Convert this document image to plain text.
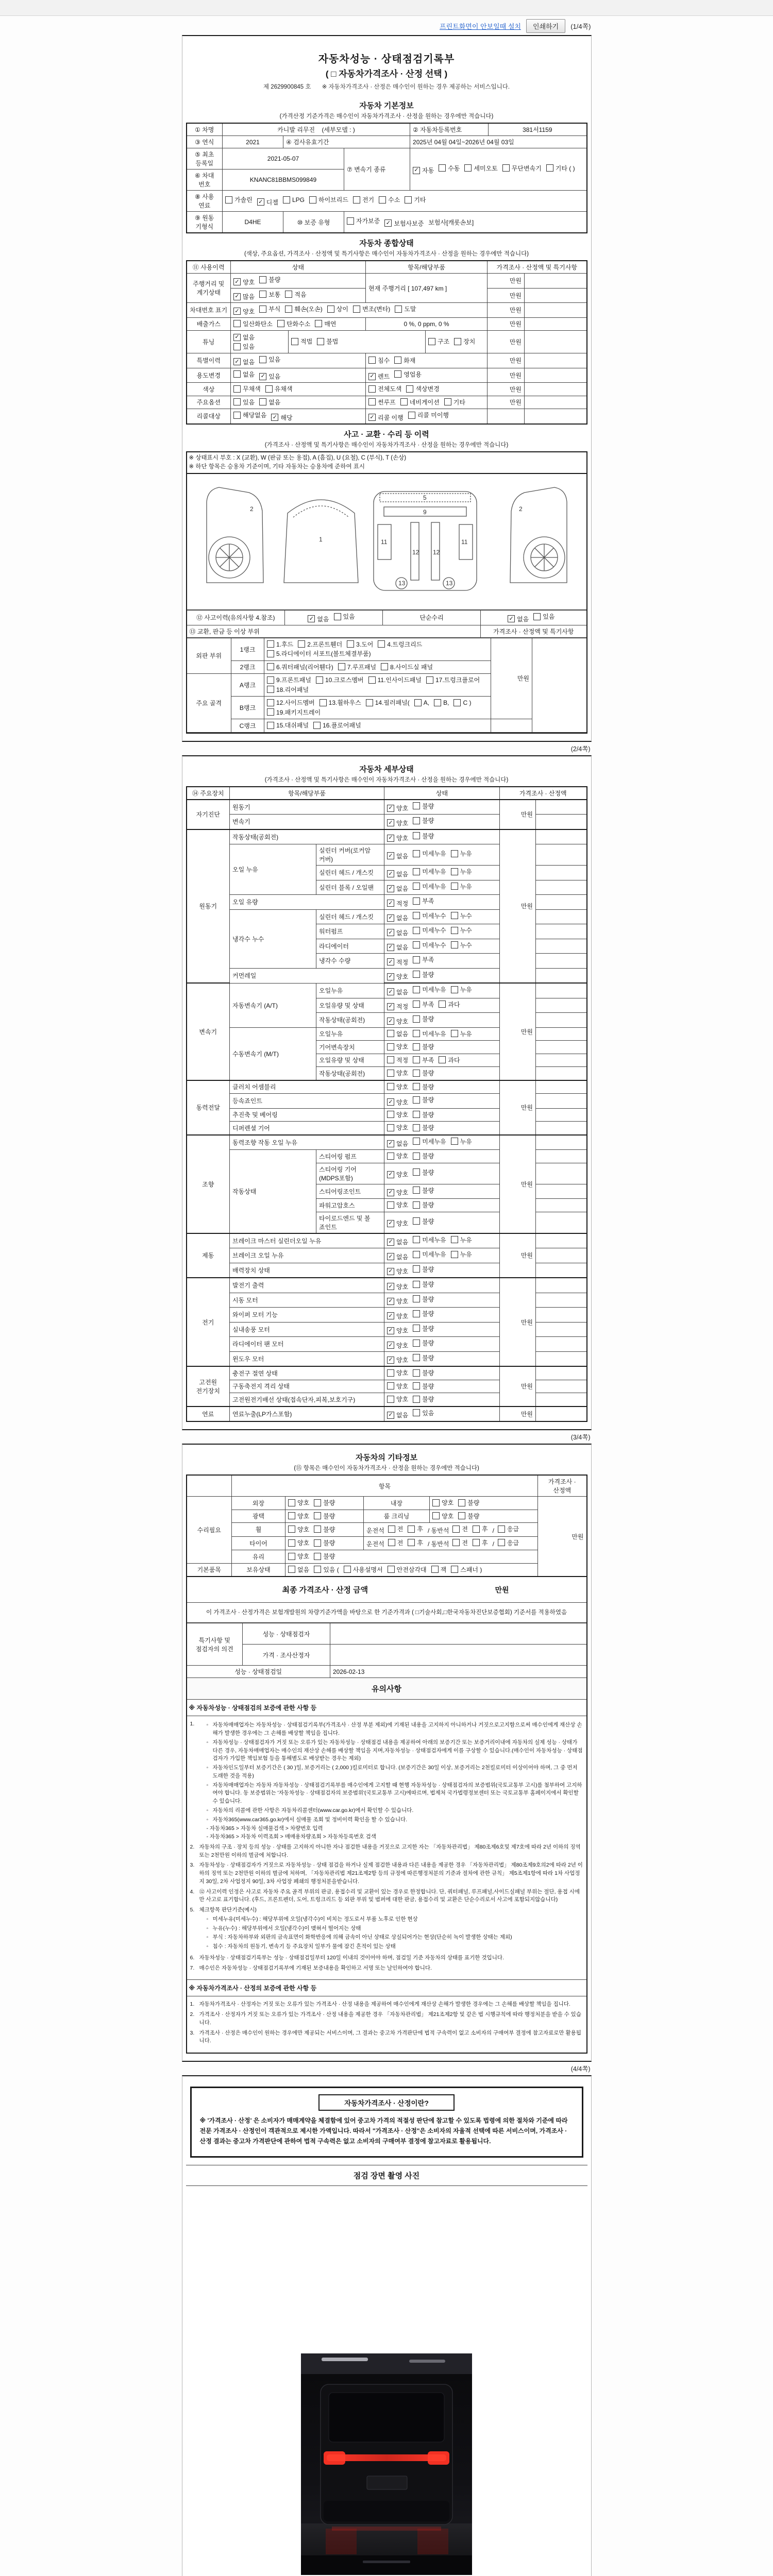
프린트화면이 안보일때 설치	인쇄하기	(1/4쪽)
자동차성능 · 상태점검기록부
( □ 자동차가격조사 · 산정 선택 )
제 2629900845 호 ※ 자동차가격조사 · 산정은 매수인이 원하는 경우 제공하는 서비스입니다.
자동차 기본정보
(가격산정 기준가격은 매수인이 자동차가격조사 · 산정을 원하는 경우에만 적습니다)
① 차명	카니발 리무진 (세부모델 : )			② 자동차등록번호	381서1159
③ 연식	2021	④ 검사유효기간		2025년 04월 04일~2026년 04월 03일	
⑤ 최초 등록일	2021-05-07	⑦ 변속기 종류	✓ 자동 수동 세미오토 무단변속기 기타 ( )

⑥ 차대 번호	KNANC81BBMS099849				
⑧ 사용 연료	
가솔린 ✓ 디젤 LPG 하이브리드 전기 수소 기타

⑨ 원동 기형식	D4HE	⑩ 보증 유형	자가보증 ✓ 보험사보증 보험사[캐롯손보]		
자동차 종합상태
(색상, 주요옵션, 가격조사 · 산정액 및 특기사항은 매수인이 자동차가격조사 · 산정을 원하는 경우에만 적습니다)
⑪ 사용이력	상태		항목/해당부품		가격조사 · 산정액 및 특기사항	
주행거리 및 계기상태	✓ 양호 불량		현재 주행거리 [ 107,497 km ]		만원	

✓ 많음 보통 적음				만원	
차대번호 표기	✓ 양호 부식 훼손(오손) 상이 변조(변타) 도말	만원	
배출가스	일산화탄소 탄화수소 매연		0 %, 0 ppm, 0 %		만원	
튜닝	✓ 없음
있음	적법 불법		구조 장치	만원	
특별이력	✓ 없음 있음		침수 화재		만원	
용도변경	없음 ✓ 있음		✓ 렌트 영업용		만원	
색상	무채색 유채색		전체도색 색상변경		만원	
주요옵션	있음 없음		썬루프 네비게이션 기타		만원	
리콜대상	해당없음 ✓ 해당		✓ 리콜 이행 리콜 미이행			

사고 · 교환 · 수리 등 이력
(가격조사 · 산정액 및 특기사항은 매수인이 자동차가격조사 · 산정을 원하는 경우에만 적습니다)
※ 상태표시 부호 : X (교환), W (판금 또는 용접), A (흠집), U (요철), C (부식), T (손상)
※ 하단 항목은 승용차 기준이며, 기타 자동차는 승용차에 준하여 표시
2
1
5
9
11	11
12 12
13	13
2
⑫ 사고이력(유의사항 4.참조)	✓ 없음 있음	단순수리	✓ 없음 있음

⑬ 교환, 판금 등 이상 부위			가격조사 · 산정액 및 특기사항
외판 부위	1랭크	1.후드 2.프론트휀더 3.도어 4.트렁크리드
5.라디에이터 서포트(볼트체결부품)	만원	
	2랭크	6.쿼터패널(리어휀다) 7.루프패널 8.사이드실 패널		

주요 골격	A랭크	9.프론트패널 10.크로스멤버 11.인사이드패널 17.트렁크플로어
18.리어패널		

B랭크	
12.사이드멤버 13.휠하우스 14.필러패널( A, B, C )
19.패키지트레이

	C랭크	15.대쉬패널 16.플로어패널		

(2/4쪽)
자동차 세부상태
(가격조사 · 산정액 및 특기사항은 매수인이 자동차가격조사 · 산정을 원하는 경우에만 적습니다)
⑭ 주요장치	항목/해당부품		상태	가격조사 · 산정액	
자기진단	원동기		✓ 양호 불량	만원	
	변속기		✓ 양호 불량		

원동기	작동상태(공회전)		✓ 양호 불량	만원	
	오일 누유	실린더 커버(로커암 커버)	✓ 없음 미세누유 누유		

		실린더 헤드 / 개스킷	✓ 없음 미세누유 누유		

		실린더 블록 / 오일팬	✓ 없음 미세누유 누유		

	오일 유량		✓ 적정 부족		

	냉각수 누수	실린더 헤드 / 개스킷	✓ 없음 미세누수 누수		

		워터펌프	✓ 없음 미세누수 누수		

		라디에이터	✓ 없음 미세누수 누수		

		냉각수 수량	✓ 적정 부족		

	커먼레일		✓ 양호 불량		

변속기	자동변속기 (A/T)	오일누유	✓ 없음 미세누유 누유	만원	
		오일유량 및 상태	✓ 적정 부족 과다		

		작동상태(공회전)	✓ 양호 불량		

	수동변속기 (M/T)	오일누유	없음 미세누유 누유		

		기어변속장치	양호 불량		

		오일유량 및 상태	적정 부족 과다		

		작동상태(공회전)	양호 불량		

동력전달	클러치 어셈블리		양호 불량	만원	
	등속죠인트		✓ 양호 불량		

	추진축 및 베어링		양호 불량		

	디퍼렌셜 기어		양호 불량		

조향	동력조향 작동 오일 누유		✓ 없음 미세누유 누유	만원	
	작동상태	스티어링 펌프	양호 불량		

		스티어링 기어(MDPS포함)	✓ 양호 불량		

		스티어링조인트	✓ 양호 불량		

		파워고압호스	양호 불량		

		타이로드엔드 및 볼 죠인트	✓ 양호 불량		

제동	브레이크 마스터 실린더오일 누유		✓ 없음 미세누유 누유	만원	
	브레이크 오일 누유		✓ 없음 미세누유 누유		

	배력장치 상태		✓ 양호 불량		

전기	발전기 출력		✓ 양호 불량	만원	
	시동 모터		✓ 양호 불량		

	와이퍼 모터 기능		✓ 양호 불량		

	실내송풍 모터		✓ 양호 불량		

	라디에이터 팬 모터		✓ 양호 불량		

	윈도우 모터		✓ 양호 불량		

고전원 전기장치	충전구 절연 상태		양호 불량	만원	
	구동축전지 격리 상태		양호 불량		

	고전원전기배선 상태(접속단자,피복,보호기구)		양호 불량		

연료	연료누출(LP가스포함)		✓ 없음 있음	만원	
(3/4쪽)
자동차의 기타정보
(⑮ 항목은 매수인이 자동차가격조사 · 산정을 원하는 경우에만 적습니다)
	항목				가격조사 · 산정액
수리필요	외장	양호 불량	내장	양호 불량	만원
	광택	양호 불량	룸 크리닝	양호 불량	

휠	양호 불량	운전석 전 후 / 동반석 전 후 / 응급

타이어	양호 불량	운전석 전 후 / 동반석 전 후 / 응급

	유리	양호 불량			

기본품목	보유상태	없음 있음 ( 사용설명서 안전삼각대 잭 스패너 )
최종 가격조사 · 산정 금액	만원
이 가격조사 · 산정가격은 보험개발원의 차량기준가액을 바탕으로 한 기준가격과 ( □기술사회,□한국자동차진단보증협회) 기준서를 적용하였음
특기사항 및 점검자의 의견	성능 · 상태점검자	
	가격 · 조사산정자	
성능 · 상태점검일		2026-02-13
유의사항
※ 자동차성능 · 상태점검의 보증에 관한 사항 등
1.	◦ 자동차매매업자는 자동차성능 · 상태점검기록부(가격조사 · 산정 부분 제외)에 기재된 내용을 고지하지 아니하거나 거짓으로고지함으로써 매수인에게 재산상 손해가 발생한 경우에는 그 손해를 배상할 책임을 집니다.
◦ 자동차성능 · 상태점검자가 거짓 또는 오류가 있는 자동차성능 · 상태점검 내용을 제공하여 아래의 보증기간 또는 보증거리이내에 자동차의 실제 성능 · 상태가 다른 경우, 자동차매매업자는 매수인의 재산상 손해를 배상할 책임을 지며,자동차성능 · 상태점검자에게 이를 구상할 수 있습니다.(매수인이 자동차성능 · 상태점검자가 가입한 책임보험 등을 통해별도로 배상받는 경우는 제외)
◦ 자동차인도일부터 보증기간은 ( 30 )일, 보증거리는 ( 2,000 )킬로미터로 합니다. (보증기간은 30일 이상, 보증거리는 2천킬로미터 이상이어야 하며, 그 중 먼저 도래한 것을 적용)
◦ 자동차매매업자는 자동차 자동차성능 · 상태점검기록부를 매수인에게 고지할 때 현행 자동차성능 · 상태점검자의 보증범위(국토교통부 고시)를 첨부하여 고지하여야 합니다. 동 보증범위는 '자동차성능 · 상태점검자의 보증범위'(국토교통부 고시)에따르며, 법제처 국가법령정보센터 또는 국토교통부 홈페이지에서 확인할 수 있습니다.
◦ 자동차의 리콜에 관한 사항은 자동차리콜센터(www.car.go.kr)에서 확인할 수 있습니다.
◦ 자동차365(www.car365.go.kr)에서 실매물 조회 및 정비이력 확인을 할 수 있습니다.
- 자동차365 > 자동차 실매물검색 > 차량번호 입력
- 자동차365 > 자동차 이력조회 > 매매용차량조회 > 자동차등록번호 검색
2. 자동차의 구조 · 장치 등의 성능 · 상태를 고지하지 아니한 자나 점검한 내용을 거짓으로 고지한 자는 「자동차관리법」 제80조제6호및 제7호에 따라 2년 이하의 징역 또는 2천만원 이하의 벌금에 처합니다.
3. 자동차성능 · 상태점검자가 거짓으로 자동차성능 · 상태 점검을 하거나 실제 점검한 내용과 다른 내용을 제공한 경우 「자동차관리법」 제80조제9호의2에 따라 2년 이하의 징역 또는 2천만원 이하의 벌금에 처하며, 「자동차관리법 제21조제2항 등의 규정에 따른행정처분의 기준과 절차에 관한 규칙」 제5조제1항에 따라 1차 사업정지 30일, 2차 사업정지 90일, 3차 사업장 폐쇄의 행정처분을받습니다.
4. ⑫ 사고이력 인정은 사고로 자동차 주요 골격 부위의 판금, 용접수리 및 교환이 있는 경우로 한정합니다. 단, 쿼터패널, 루프패널,사이드실패널 부위는 절단, 용접 시에만 사고로 표기합니다. (후드, 프론트펜더, 도어, 트렁크리드 등 외판 부위 및 범퍼에 대한 판금, 용접수리 및 교환은 단순수리로서 사고에 포함되지않습니다)
5. 체크항목 판단기준(예시)
◦ 미세누유(미세누수) : 해당부위에 오일(냉각수)이 비치는 정도로서 부품 노후로 인한 현상
◦ 누유(누수) : 해당부위에서 오일(냉각수)이 맺혀서 떨어지는 상태
◦ 부식 : 자동차하부와 외판의 금속표면이 화학반응에 의해 금속이 아닌 상태로 상실되어가는 현상(단순히 녹이 발생한 상태는 제외)
◦ 침수 : 자동차의 원동기, 변속기 등 주요장치 일부가 물에 잠긴 흔적이 있는 상태
6. 자동차성능 · 상태점검기록부는 성능 · 상태점검일부터 120일 이내의 것이어야 하며, 점검일 기준 자동차의 상태를 표기한 것입니다.
7. 매수인은 자동차성능 · 상태점검기록부에 기재된 보증내용을 확인하고 서명 또는 날인하여야 합니다.
※ 자동차가격조사 · 산정의 보증에 관한 사항 등
1. 자동차가격조사 · 산정자는 거짓 또는 오류가 있는 가격조사 · 산정 내용을 제공하여 매수인에게 재산상 손해가 발생한 경우에는 그 손해를 배상할 책임을 집니다.
2. 가격조사 · 산정자가 거짓 또는 오류가 있는 가격조사 · 산정 내용을 제공한 경우 「자동차관리법」 제21조제2항 및 같은 법 시행규칙에 따라 행정처분을 받을 수 있습니다.
3. 가격조사 · 산정은 매수인이 원하는 경우에만 제공되는 서비스이며, 그 결과는 중고차 가격판단에 법적 구속력이 없고 소비자의 구매여부 결정에 참고자료로만 활용됩니다.
(4/4쪽)
자동차가격조사 · 산정이란?
※ '가격조사 · 산정' 은 소비자가 매매계약을 체결함에 있어 중고차 가격의 적절성 판단에 참고할 수 있도록 법령에 의한 절차와 기준에 따라 전문 가격조사 · 산정인이 객관적으로 제시한 가액입니다. 따라서 "가격조사 · 산정"은 소비자의 자율적 선택에 따른 서비스이며, 가격조사 · 산정 결과는 중고차 가격판단에 관하여 법적 구속력은 없고 소비자의 구매여부 결정에 참고자료로 활용됩니다.
점검 장면 촬영 사진
